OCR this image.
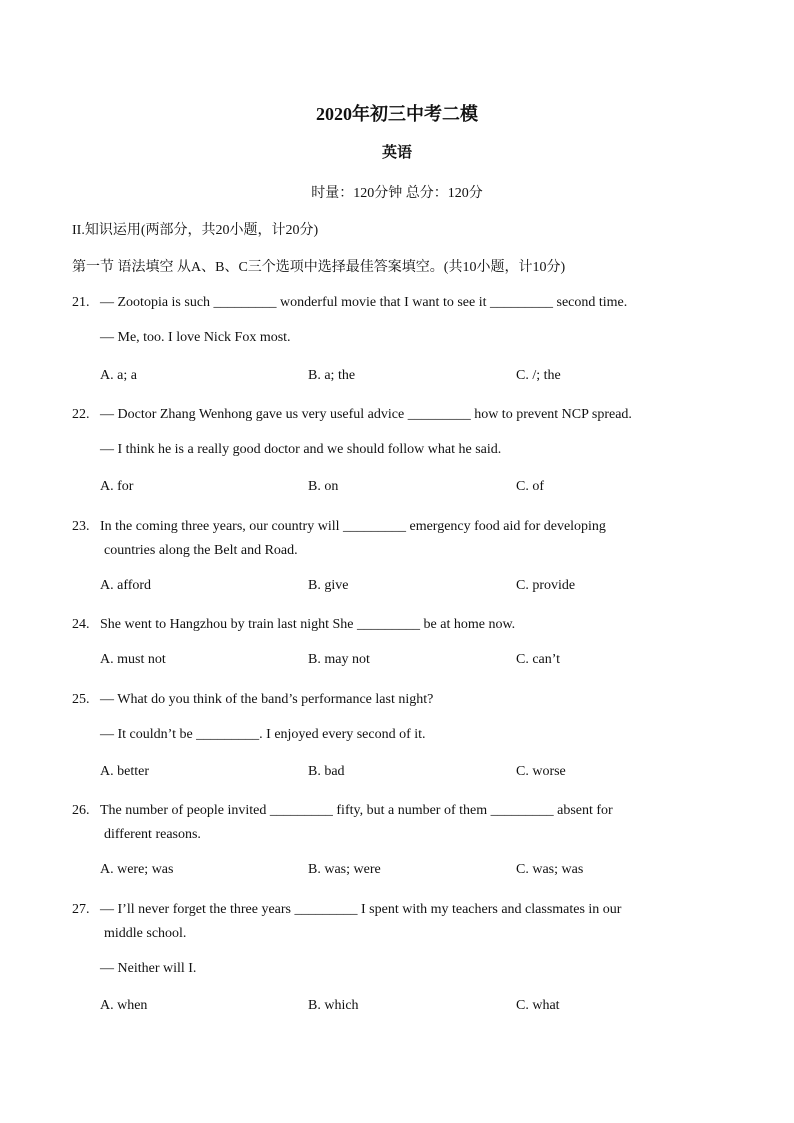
2020年初三中考二模
英语
时量：120分钟 总分：120分
II.知识运用(两部分，共20小题，计20分)
第一节 语法填空 从A、B、C三个选项中选择最佳答案填空。(共10小题，计10分)
21. — Zootopia is such _________ wonderful movie that I want to see it _________ second time.
— Me, too. I love Nick Fox most.
A. a; a	B. a; the	C. /; the
22. — Doctor Zhang Wenhong gave us very useful advice _________ how to prevent NCP spread.
— I think he is a really good doctor and we should follow what he said.
A. for	B. on	C. of
23. In the coming three years, our country will _________ emergency food aid for developing
countries along the Belt and Road.
A. afford	B. give	C. provide
24. She went to Hangzhou by train last night She _________ be at home now.
A. must not	B. may not	C. can’t
25. — What do you think of the band’s performance last night?
— It couldn’t be _________. I enjoyed every second of it.
A. better	B. bad	C. worse
26. The number of people invited _________ fifty, but a number of them _________ absent for
different reasons.
A. were; was	B. was; were	C. was; was
27. — I’ll never forget the three years _________ I spent with my teachers and classmates in our
middle school.
— Neither will I.
A. when	B. which	C. what
